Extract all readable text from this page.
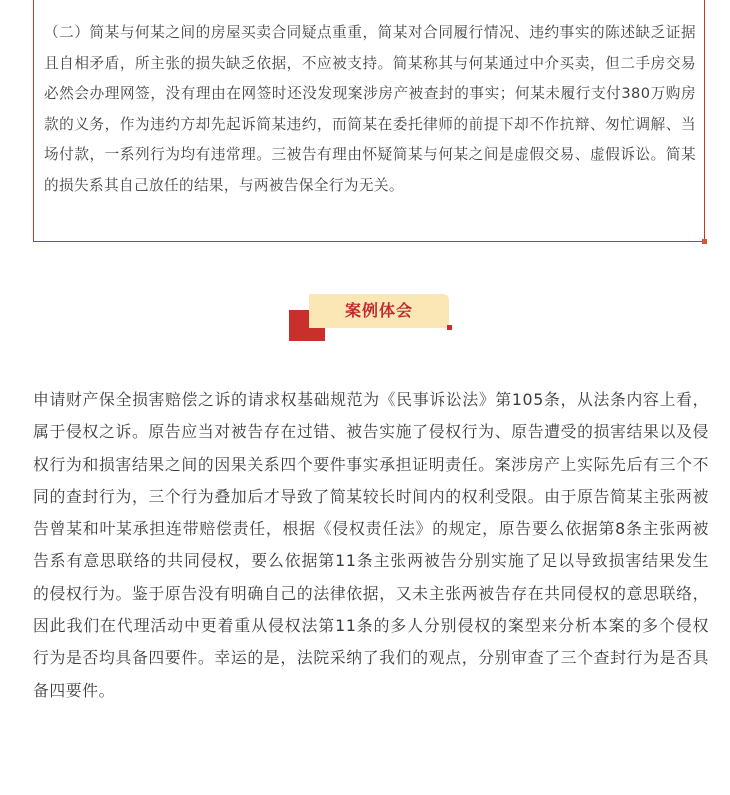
（二）简某与何某之间的房屋买卖合同疑点重重，简某对合同履行情况、违约事实的陈述缺乏证据且自相矛盾，所主张的损失缺乏依据，不应被支持。简某称其与何某通过中介买卖，但二手房交易必然会办理网签，没有理由在网签时还没发现案涉房产被查封的事实；何某未履行支付380万购房款的义务，作为违约方却先起诉简某违约，而简某在委托律师的前提下却不作抗辩、匆忙调解、当场付款，一系列行为均有违常理。三被告有理由怀疑简某与何某之间是虚假交易、虚假诉讼。简某的损失系其自己放任的结果，与两被告保全行为无关。

案例体会

申请财产保全损害赔偿之诉的请求权基础规范为《民事诉讼法》第105条，从法条内容上看，属于侵权之诉。原告应当对被告存在过错、被告实施了侵权行为、原告遭受的损害结果以及侵权行为和损害结果之间的因果关系四个要件事实承担证明责任。案涉房产上实际先后有三个不同的查封行为，三个行为叠加后才导致了简某较长时间内的权利受限。由于原告简某主张两被告曾某和叶某承担连带赔偿责任，根据《侵权责任法》的规定，原告要么依据第8条主张两被告系有意思联络的共同侵权，要么依据第11条主张两被告分别实施了足以导致损害结果发生的侵权行为。鉴于原告没有明确自己的法律依据，又未主张两被告存在共同侵权的意思联络，因此我们在代理活动中更着重从侵权法第11条的多人分别侵权的案型来分析本案的多个侵权行为是否均具备四要件。幸运的是，法院采纳了我们的观点，分别审查了三个查封行为是否具备四要件。
